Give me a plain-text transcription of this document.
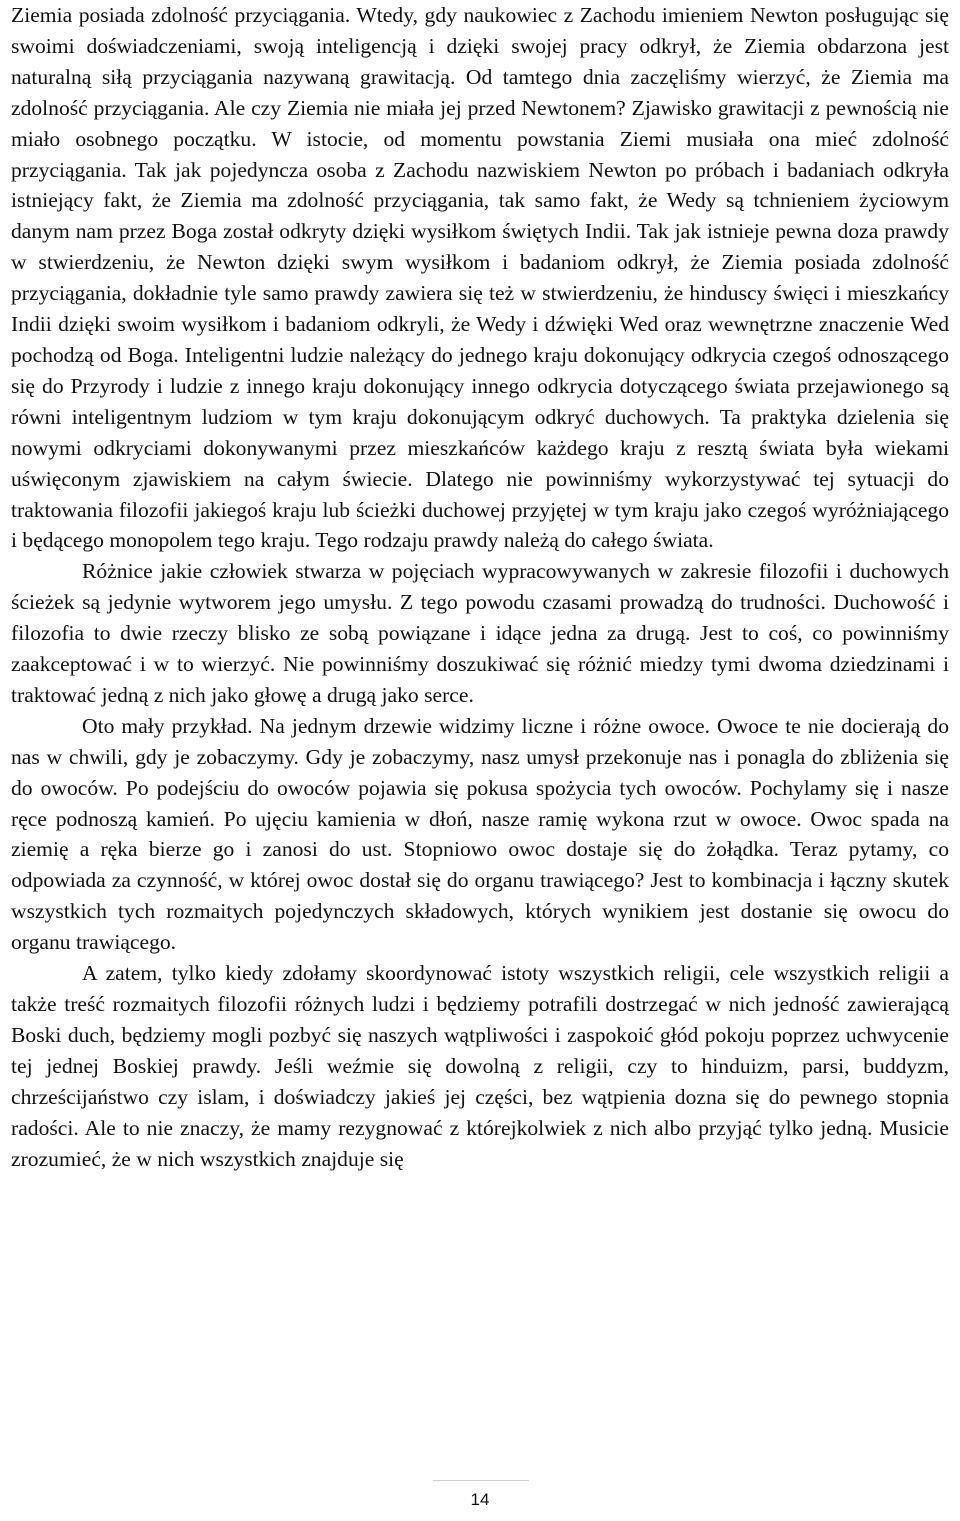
Ziemia posiada zdolność przyciągania. Wtedy, gdy naukowiec z Zachodu imieniem Newton posługując się swoimi doświadczeniami, swoją inteligencją i dzięki swojej pracy odkrył, że Ziemia obdarzona jest naturalną siłą przyciągania nazywaną grawitacją. Od tamtego dnia zaczęliśmy wierzyć, że Ziemia ma zdolność przyciągania. Ale czy Ziemia nie miała jej przed Newtonem? Zjawisko grawitacji z pewnością nie miało osobnego początku. W istocie, od momentu powstania Ziemi musiała ona mieć zdolność przyciągania. Tak jak pojedyncza osoba z Zachodu nazwiskiem Newton po próbach i badaniach odkryła istniejący fakt, że Ziemia ma zdolność przyciągania, tak samo fakt, że Wedy są tchnieniem życiowym danym nam przez Boga został odkryty dzięki wysiłkom świętych Indii. Tak jak istnieje pewna doza prawdy w stwierdzeniu, że Newton dzięki swym wysiłkom i badaniom odkrył, że Ziemia posiada zdolność przyciągania, dokładnie tyle samo prawdy zawiera się też w stwierdzeniu, że hinduscy święci i mieszkańcy Indii dzięki swoim wysiłkom i badaniom odkryli, że Wedy i dźwięki Wed oraz wewnętrzne znaczenie Wed pochodzą od Boga. Inteligentni ludzie należący do jednego kraju dokonujący odkrycia czegoś odnoszącego się do Przyrody i ludzie z innego kraju dokonujący innego odkrycia dotyczącego świata przejawionego są równi inteligentnym ludziom w tym kraju dokonującym odkryć duchowych. Ta praktyka dzielenia się nowymi odkryciami dokonywanymi przez mieszkańców każdego kraju z resztą świata była wiekami uświęconym zjawiskiem na całym świecie. Dlatego nie powinniśmy wykorzystywać tej sytuacji do traktowania filozofii jakiegoś kraju lub ścieżki duchowej przyjętej w tym kraju jako czegoś wyróżniającego i będącego monopolem tego kraju. Tego rodzaju prawdy należą do całego świata.

Różnice jakie człowiek stwarza w pojęciach wypracowywanych w zakresie filozofii i duchowych ścieżek są jedynie wytworem jego umysłu. Z tego powodu czasami prowadzą do trudności. Duchowość i filozofia to dwie rzeczy blisko ze sobą powiązane i idące jedna za drugą. Jest to coś, co powinniśmy zaakceptować i w to wierzyć. Nie powinniśmy doszukiwać się różnić miedzy tymi dwoma dziedzinami i traktować jedną z nich jako głowę a drugą jako serce.

Oto mały przykład. Na jednym drzewie widzimy liczne i różne owoce. Owoce te nie docierają do nas w chwili, gdy je zobaczymy. Gdy je zobaczymy, nasz umysł przekonuje nas i ponagla do zbliżenia się do owoców. Po podejściu do owoców pojawia się pokusa spożycia tych owoców. Pochylamy się i nasze ręce podnoszą kamień. Po ujęciu kamienia w dłoń, nasze ramię wykona rzut w owoce. Owoc spada na ziemię a ręka bierze go i zanosi do ust. Stopniowo owoc dostaje się do żołądka. Teraz pytamy, co odpowiada za czynność, w której owoc dostał się do organu trawiącego? Jest to kombinacja i łączny skutek wszystkich tych rozmaitych pojedynczych składowych, których wynikiem jest dostanie się owocu do organu trawiącego.

A zatem, tylko kiedy zdołamy skoordynować istoty wszystkich religii, cele wszystkich religii a także treść rozmaitych filozofii różnych ludzi i będziemy potrafili dostrzegać w nich jedność zawierającą Boski duch, będziemy mogli pozbyć się naszych wątpliwości i zaspokoić głód pokoju poprzez uchwycenie tej jednej Boskiej prawdy. Jeśli weźmie się dowolną z religii, czy to hinduizm, parsi, buddyzm, chrześcijaństwo czy islam, i doświadczy jakieś jej części, bez wątpienia dozna się do pewnego stopnia radości. Ale to nie znaczy, że mamy rezygnować z którejkolwiek z nich albo przyjąć tylko jedną. Musicie zrozumieć, że w nich wszystkich znajduje się

14
